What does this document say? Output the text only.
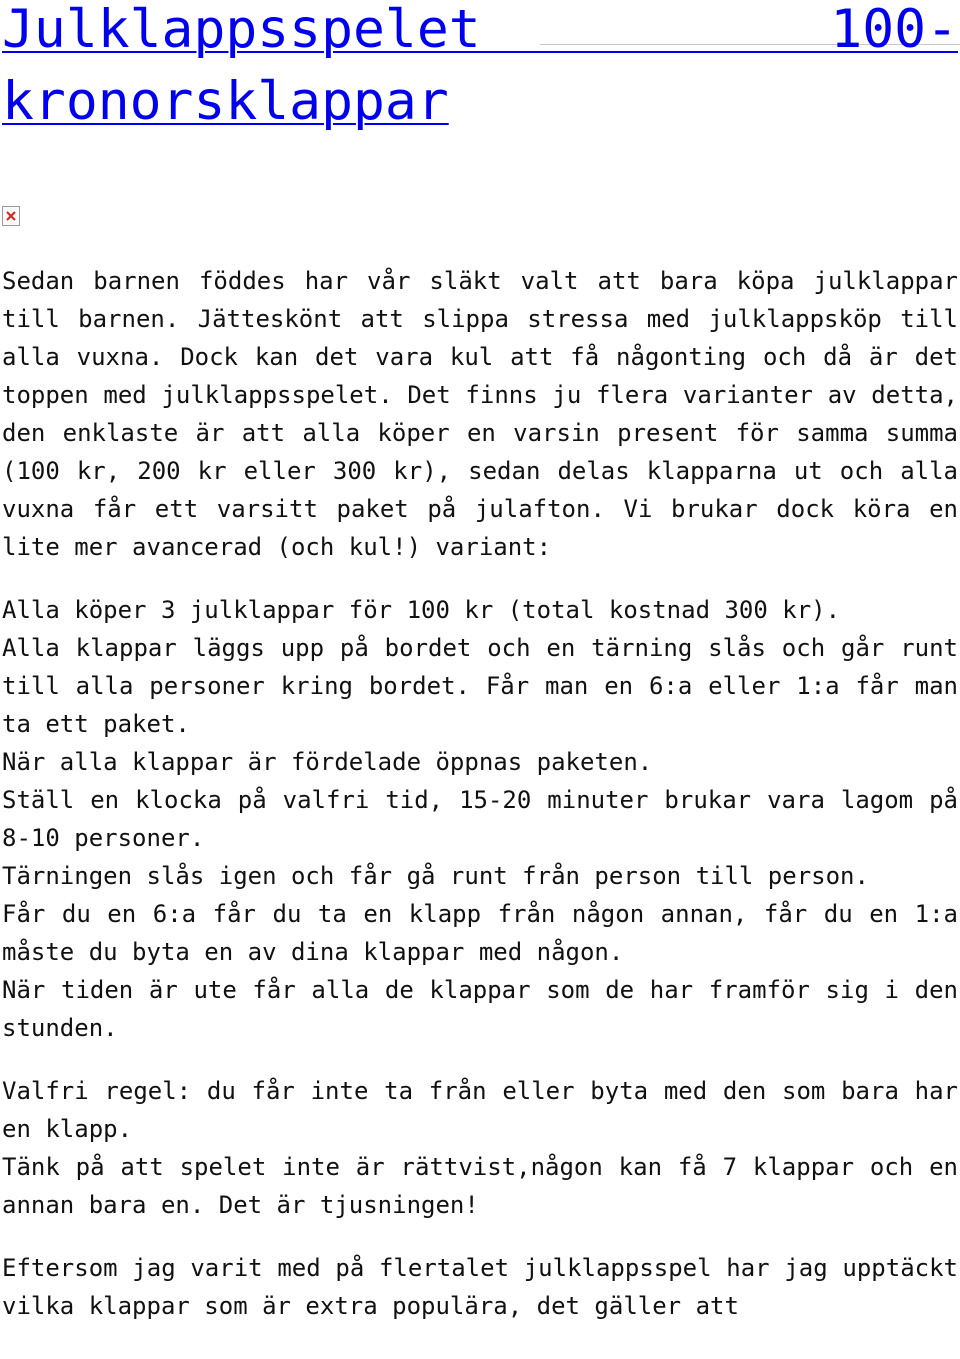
Julklappsspelet 100-kronorsklappar

Sedan barnen föddes har vår släkt valt att bara köpa julklappar till barnen. Jätteskönt att slippa stressa med julklappsköp till alla vuxna. Dock kan det vara kul att få någonting och då är det toppen med julklappsspelet. Det finns ju flera varianter av detta, den enklaste är att alla köper en varsin present för samma summa (100 kr, 200 kr eller 300 kr), sedan delas klapparna ut och alla vuxna får ett varsitt paket på julafton. Vi brukar dock köra en lite mer avancerad (och kul!) variant:

Alla köper 3 julklappar för 100 kr (total kostnad 300 kr).

Alla klappar läggs upp på bordet och en tärning slås och går runt till alla personer kring bordet. Får man en 6:a eller 1:a får man ta ett paket.

När alla klappar är fördelade öppnas paketen.

Ställ en klocka på valfri tid, 15-20 minuter brukar vara lagom på 8-10 personer.

Tärningen slås igen och får gå runt från person till person.

Får du en 6:a får du ta en klapp från någon annan, får du en 1:a måste du byta en av dina klappar med någon.

När tiden är ute får alla de klappar som de har framför sig i den stunden.

Valfri regel: du får inte ta från eller byta med den som bara har en klapp.

Tänk på att spelet inte är rättvist,någon kan få 7 klappar och en annan bara en. Det är tjusningen!

Eftersom jag varit med på flertalet julklappsspel har jag upptäckt vilka klappar som är extra populära, det gäller att
